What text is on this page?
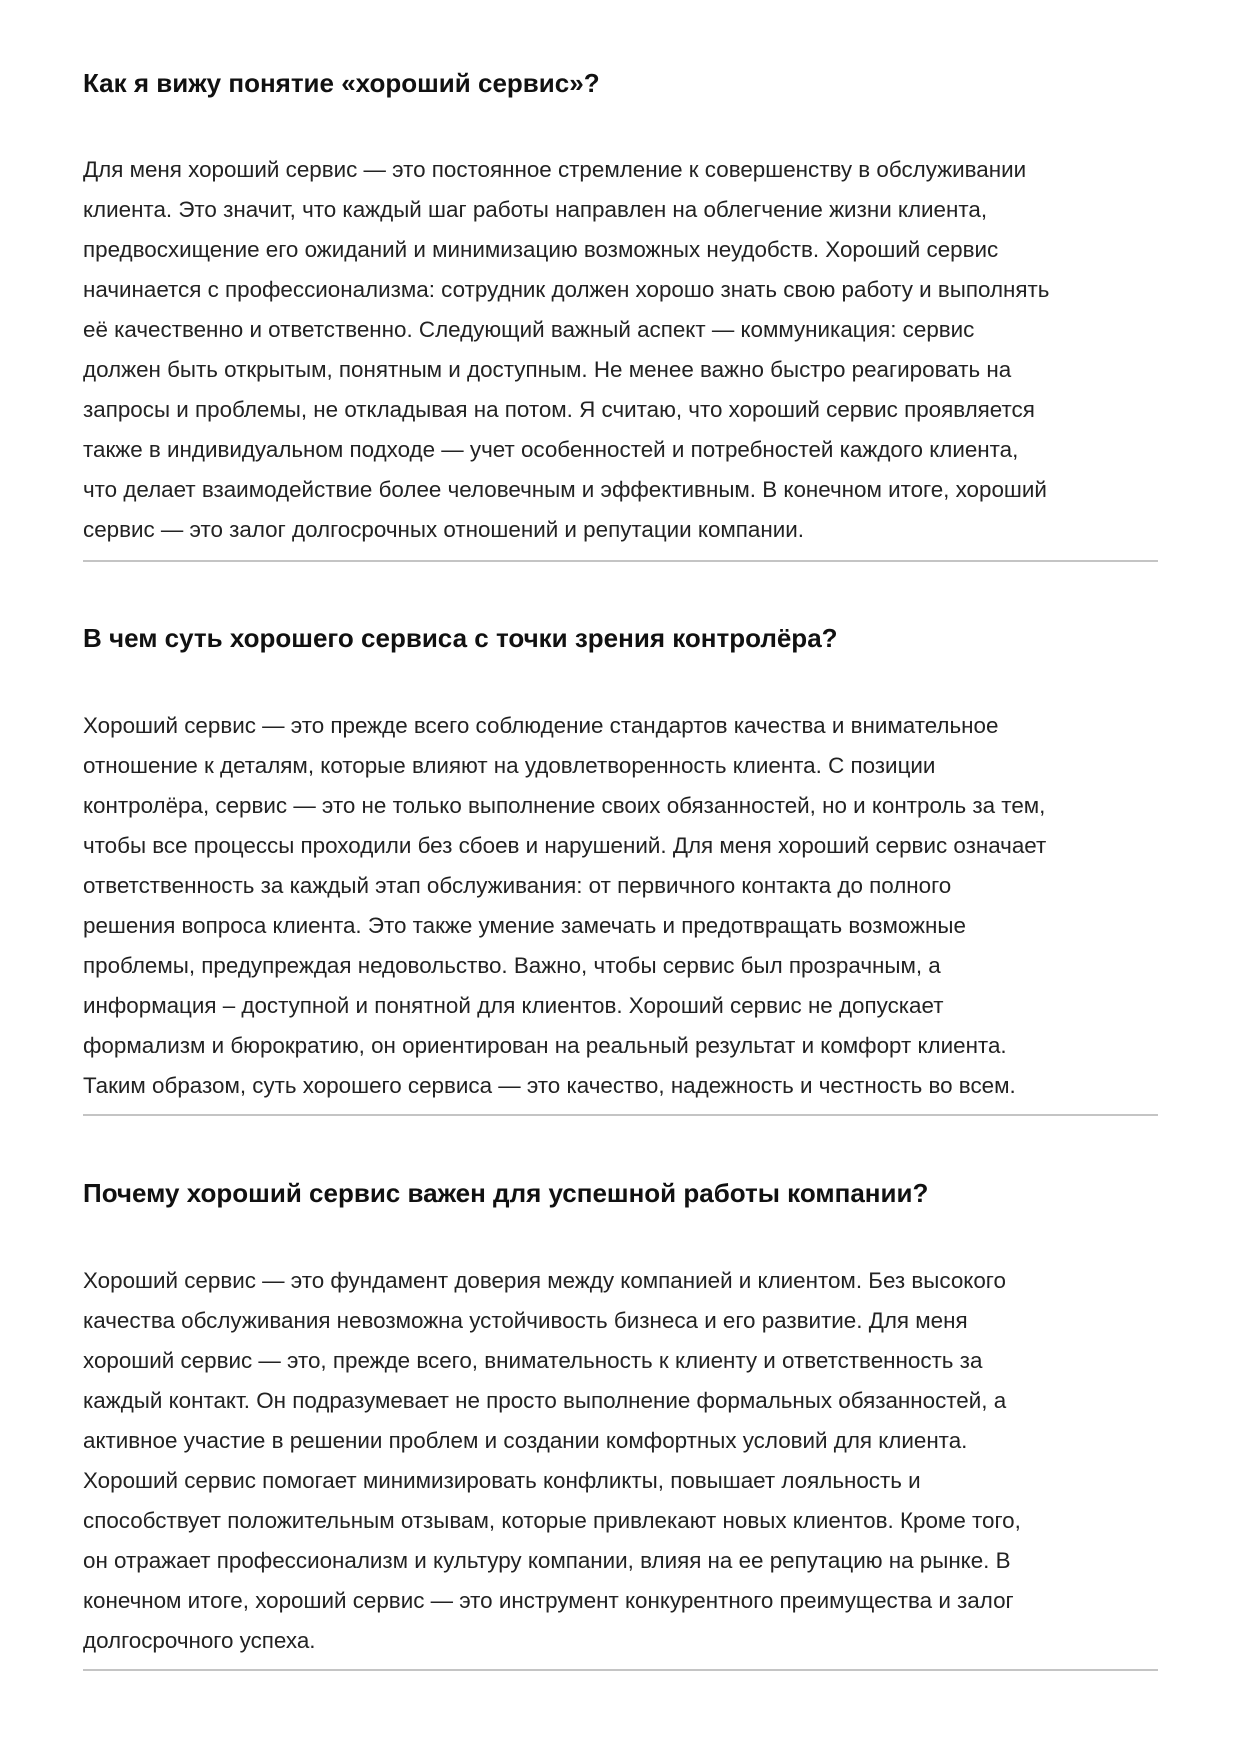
Как я вижу понятие «хороший сервис»?

Для меня хороший сервис — это постоянное стремление к совершенству в обслуживании
клиента. Это значит, что каждый шаг работы направлен на облегчение жизни клиента,
предвосхищение его ожиданий и минимизацию возможных неудобств. Хороший сервис
начинается с профессионализма: сотрудник должен хорошо знать свою работу и выполнять
её качественно и ответственно. Следующий важный аспект — коммуникация: сервис
должен быть открытым, понятным и доступным. Не менее важно быстро реагировать на
запросы и проблемы, не откладывая на потом. Я считаю, что хороший сервис проявляется
также в индивидуальном подходе — учет особенностей и потребностей каждого клиента,
что делает взаимодействие более человечным и эффективным. В конечном итоге, хороший
сервис — это залог долгосрочных отношений и репутации компании.

В чем суть хорошего сервиса с точки зрения контролёра?

Хороший сервис — это прежде всего соблюдение стандартов качества и внимательное
отношение к деталям, которые влияют на удовлетворенность клиента. С позиции
контролёра, сервис — это не только выполнение своих обязанностей, но и контроль за тем,
чтобы все процессы проходили без сбоев и нарушений. Для меня хороший сервис означает
ответственность за каждый этап обслуживания: от первичного контакта до полного
решения вопроса клиента. Это также умение замечать и предотвращать возможные
проблемы, предупреждая недовольство. Важно, чтобы сервис был прозрачным, а
информация – доступной и понятной для клиентов. Хороший сервис не допускает
формализм и бюрократию, он ориентирован на реальный результат и комфорт клиента.
Таким образом, суть хорошего сервиса — это качество, надежность и честность во всем.

Почему хороший сервис важен для успешной работы компании?

Хороший сервис — это фундамент доверия между компанией и клиентом. Без высокого
качества обслуживания невозможна устойчивость бизнеса и его развитие. Для меня
хороший сервис — это, прежде всего, внимательность к клиенту и ответственность за
каждый контакт. Он подразумевает не просто выполнение формальных обязанностей, а
активное участие в решении проблем и создании комфортных условий для клиента.
Хороший сервис помогает минимизировать конфликты, повышает лояльность и
способствует положительным отзывам, которые привлекают новых клиентов. Кроме того,
он отражает профессионализм и культуру компании, влияя на ее репутацию на рынке. В
конечном итоге, хороший сервис — это инструмент конкурентного преимущества и залог
долгосрочного успеха.
